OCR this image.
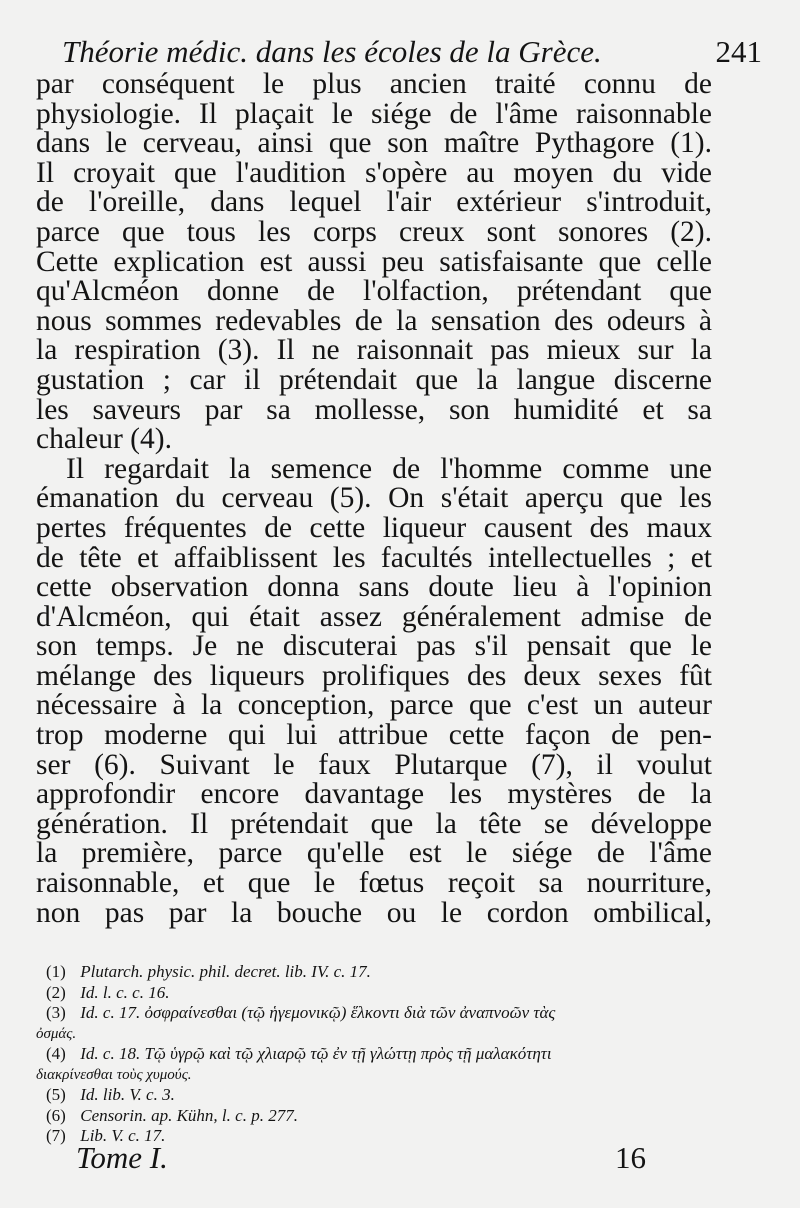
Théorie médic. dans les écoles de la Grèce.	241
par conséquent le plus ancien traité connu de
physiologie. Il plaçait le siége de l'âme raisonnable
dans le cerveau, ainsi que son maître Pythagore (1).
Il croyait que l'audition s'opère au moyen du vide
de l'oreille, dans lequel l'air extérieur s'introduit,
parce que tous les corps creux sont sonores (2).
Cette explication est aussi peu satisfaisante que celle
qu'Alcméon donne de l'olfaction, prétendant que
nous sommes redevables de la sensation des odeurs à
la respiration (3). Il ne raisonnait pas mieux sur la
gustation ; car il prétendait que la langue discerne
les saveurs par sa mollesse, son humidité et sa
chaleur (4).
Il regardait la semence de l'homme comme une
émanation du cerveau (5). On s'était aperçu que les
pertes fréquentes de cette liqueur causent des maux
de tête et affaiblissent les facultés intellectuelles ; et
cette observation donna sans doute lieu à l'opinion
d'Alcméon, qui était assez généralement admise de
son temps. Je ne discuterai pas s'il pensait que le
mélange des liqueurs prolifiques des deux sexes fût
nécessaire à la conception, parce que c'est un auteur
trop moderne qui lui attribue cette façon de pen-
ser (6). Suivant le faux Plutarque (7), il voulut
approfondir encore davantage les mystères de la
génération. Il prétendait que la tête se développe
la première, parce qu'elle est le siége de l'âme
raisonnable, et que le fœtus reçoit sa nourriture,
non pas par la bouche ou le cordon ombilical,
(1) Plutarch. physic. phil. decret. lib. IV. c. 17.
(2) Id. l. c. c. 16.
(3) Id. c. 17. ὀσφραίνεσθαι (τῷ ἡγεμονικῷ) ἕλκοντι διὰ τῶν ἀναπνοῶν τὰς
ὀσμάς.
(4) Id. c. 18. Τῷ ὑγρῷ καὶ τῷ χλιαρῷ τῷ ἐν τῇ γλώττῃ πρὸς τῇ μαλακότητι
διακρίνεσθαι τοὺς χυμούς.
(5) Id. lib. V. c. 3.
(6) Censorin. ap. Kühn, l. c. p. 277.
(7) Lib. V. c. 17.
Tome I.	16
